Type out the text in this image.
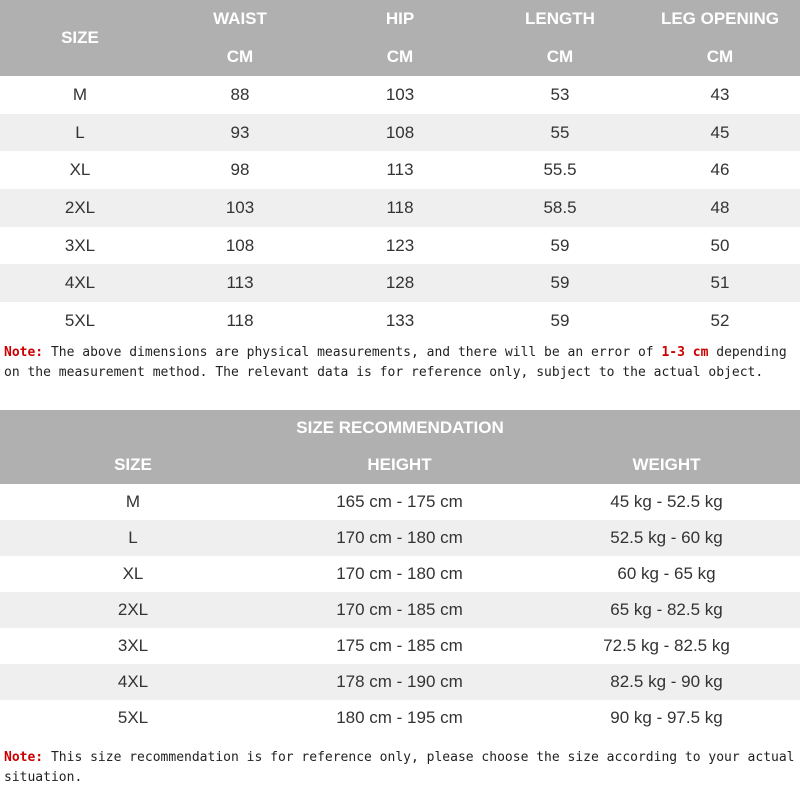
SIZE
WAIST	HIP	LENGTH	LEG OPENING
CM	CM	CM	CM
M	88	103	53	43
L	93	108	55	45
XL	98	113	55.5	46
2XL	103	118	58.5	48
3XL	108	123	59	50
4XL	113	128	59	51
5XL	118	133	59	52
Note: The above dimensions are physical measurements, and there will be an error of 1-3 cm depending on the measurement method. The relevant data is for reference only, subject to the actual object.
SIZE RECOMMENDATION
SIZE	HEIGHT	WEIGHT
M	165 cm - 175 cm	45 kg - 52.5 kg
L	170 cm - 180 cm	52.5 kg - 60 kg
XL	170 cm - 180 cm	60 kg - 65 kg
2XL	170 cm - 185 cm	65 kg - 82.5 kg
3XL	175 cm - 185 cm	72.5 kg - 82.5 kg
4XL	178 cm - 190 cm	82.5 kg - 90 kg
5XL	180 cm - 195 cm	90 kg - 97.5 kg
Note: This size recommendation is for reference only, please choose the size according to your actual situation.
